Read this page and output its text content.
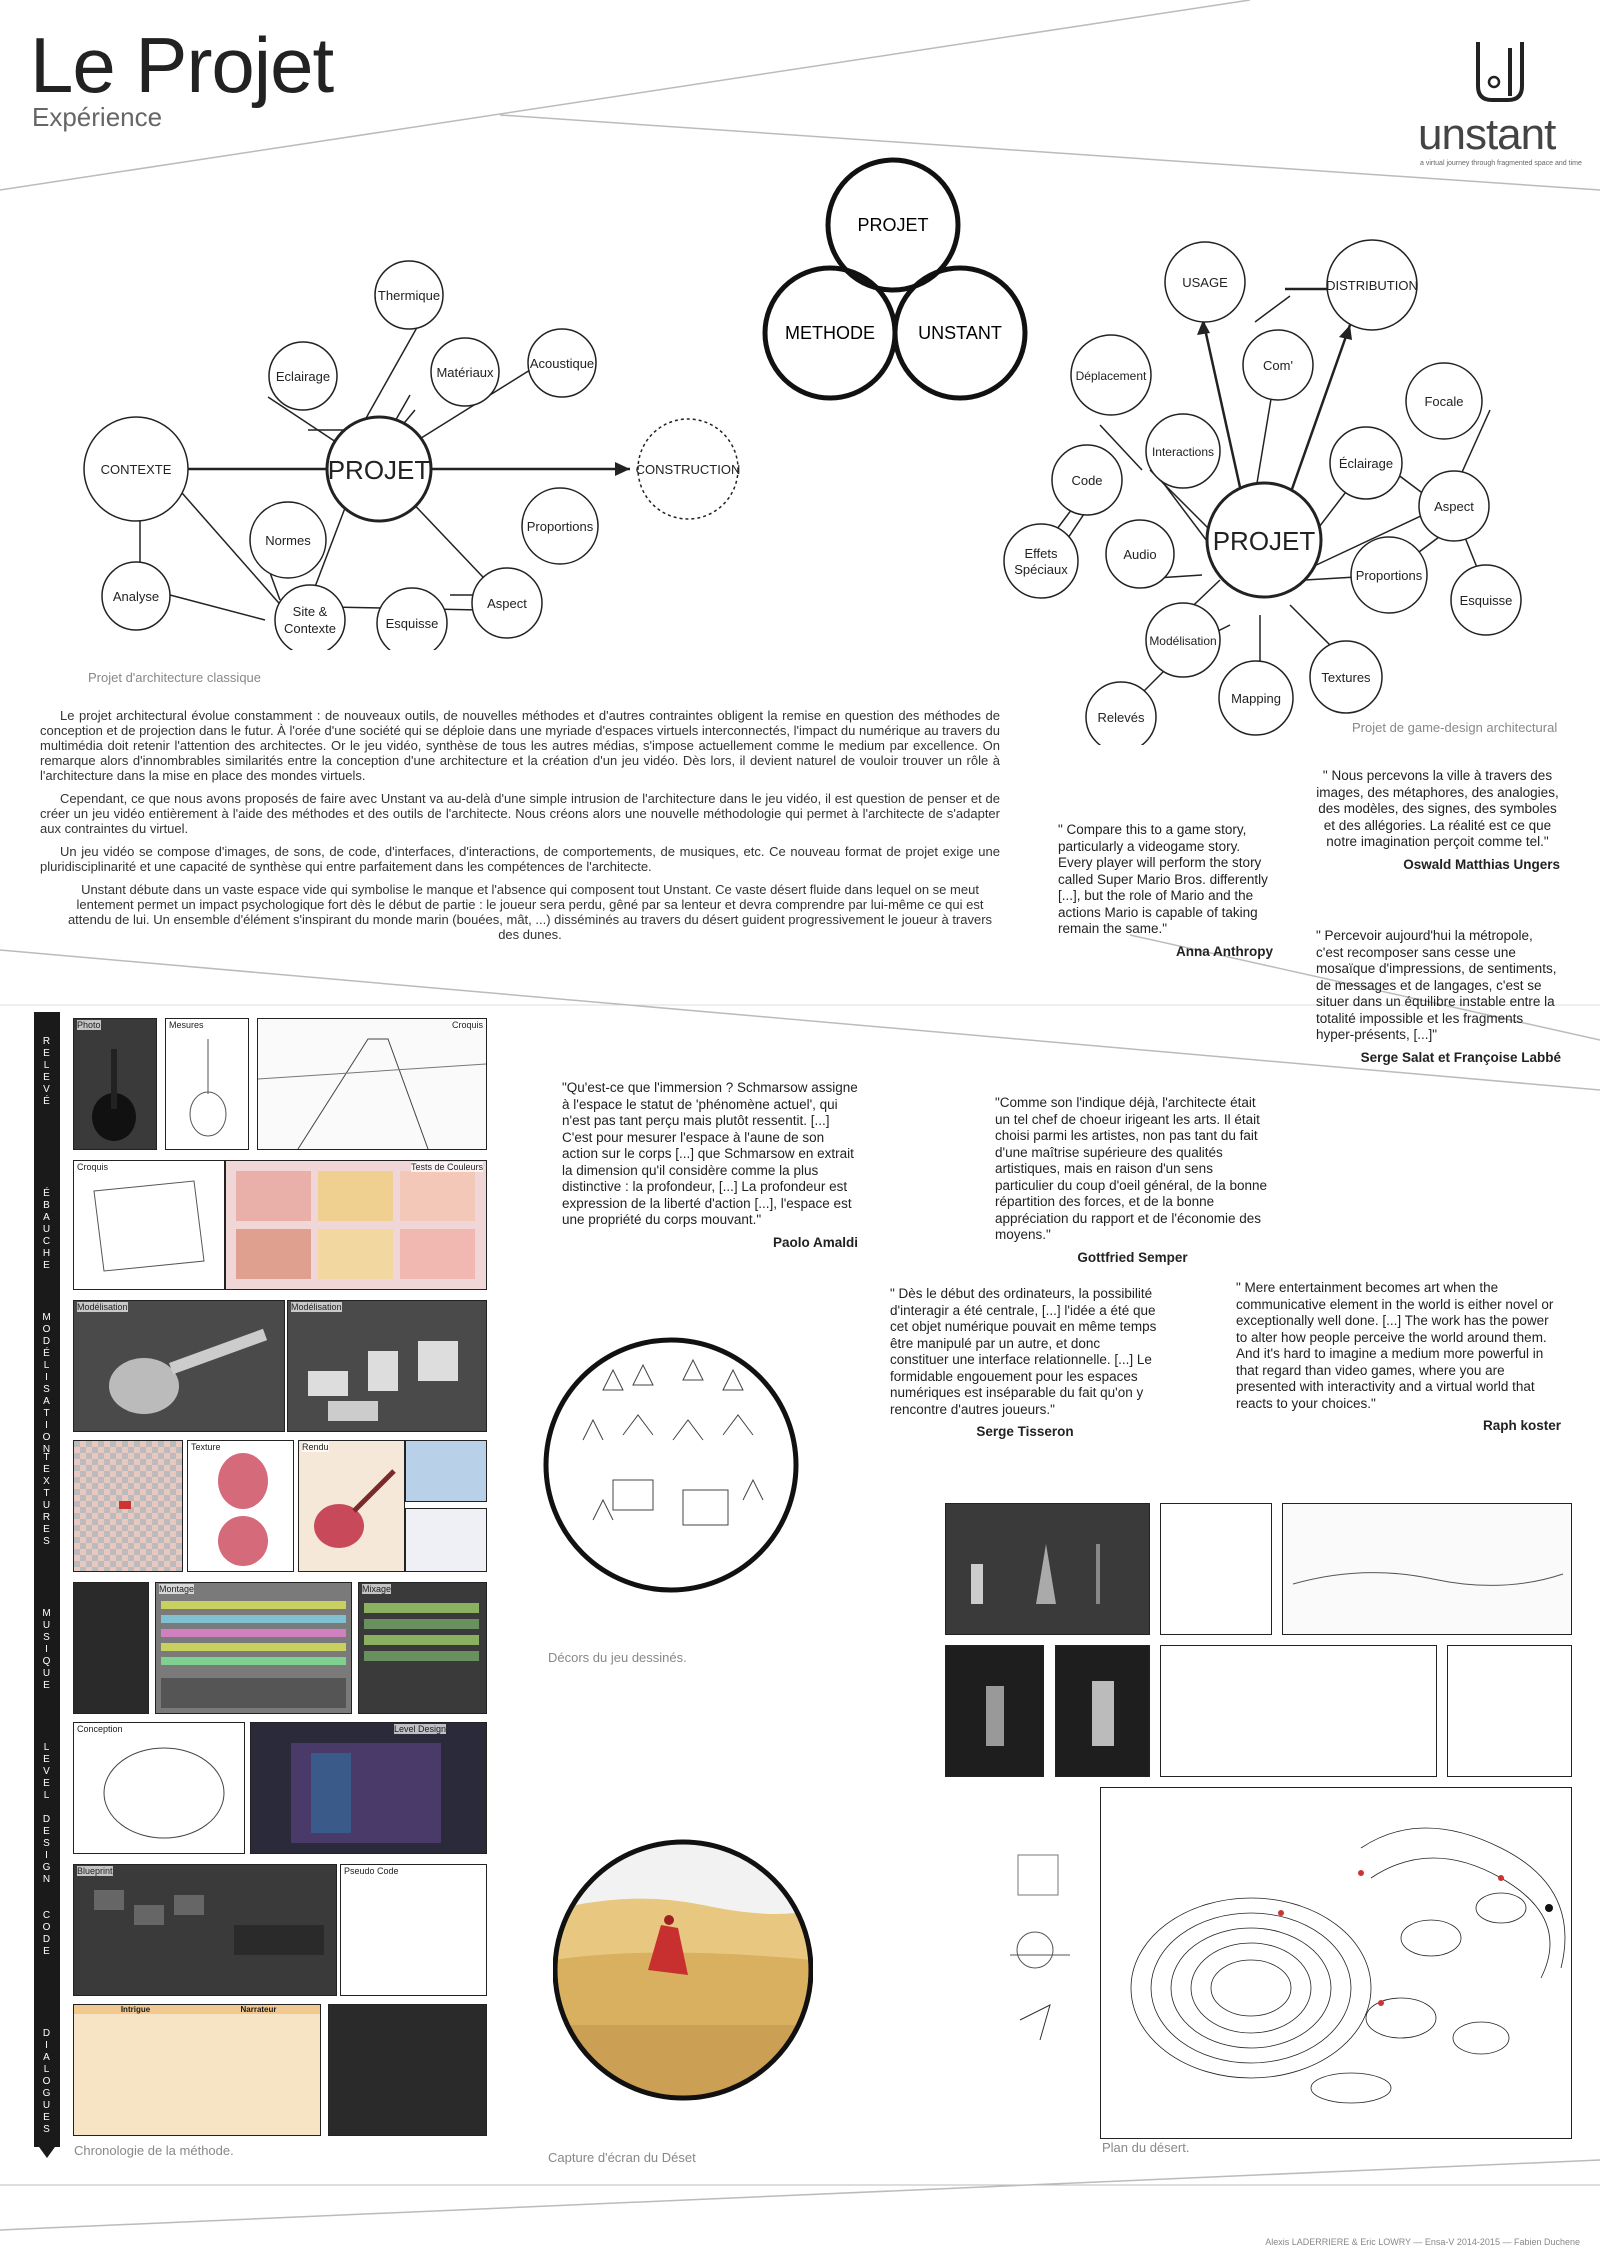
Le Projet
Expérience	unstant
a virtual journey through fragmented space and time
PROJET
METHODE UNSTANT
Thermique
Eclairage	Matériaux
Acoustique
CONTEXTE	PROJET	CONSTRUCTION
Normes
Proportions
Analyse
Site &
Contexte	Esquisse
Aspect
Projet d'architecture classique
USAGE	DISTRIBUTION
Com'
Déplacement
Focale
Éclairage
Interactions
Code
Aspect
Effets
Spéciaux
Audio PROJET
Proportions
Esquisse
Modélisation
Textures
Mapping
Relevés
Projet de game-design architectural

Le projet architectural évolue constamment : de nouveaux outils, de nouvelles méthodes et d'autres contraintes obligent la remise en question des méthodes de conception et de projection dans le futur. À l'orée d'une société qui se déploie dans une myriade d'espaces virtuels interconnectés, l'impact du numérique au travers du multimédia doit retenir l'attention des architectes. Or le jeu vidéo, synthèse de tous les autres médias, s'impose actuellement comme le medium par excellence. On remarque alors d'innombrables similarités entre la conception d'une architecture et la création d'un jeu vidéo. Dès lors, il devient naturel de vouloir trouver un rôle à l'architecture dans la mise en place des mondes virtuels.

Cependant, ce que nous avons proposés de faire avec Unstant va au-delà d'une simple intrusion de l'architecture dans le jeu vidéo, il est question de penser et de créer un jeu vidéo entièrement à l'aide des méthodes et des outils de l'architecte. Nous créons alors une nouvelle méthodologie qui permet à l'architecte de s'adapter aux contraintes du virtuel.

Un jeu vidéo se compose d'images, de sons, de code, d'interfaces, d'interactions, de comportements, de musiques, etc. Ce nouveau format de projet exige une pluridisciplinarité et une capacité de synthèse qui entre parfaitement dans les compétences de l'architecte.

Unstant débute dans un vaste espace vide qui symbolise le manque et l'absence qui composent tout Unstant. Ce vaste désert fluide dans lequel on se meut lentement permet un impact psychologique fort dès le début de partie : le joueur sera perdu, gêné par sa lenteur et devra comprendre par lui-même ce qui est attendu de lui. Un ensemble d'élément s'inspirant du monde marin (bouées, mât, ...) disséminés au travers du désert guident progressivement le joueur à travers des dunes.

" Nous percevons la ville à travers des images, des métaphores, des analogies, des modèles, des signes, des symboles et des allégories. La réalité est ce que notre imagination perçoit comme tel."
Oswald Matthias Ungers
" Compare this to a game story, particularly a videogame story. Every player will perform the story called Super Mario Bros. differently [...], but the role of Mario and the actions Mario is capable of taking remain the same."
Anna Anthropy
" Percevoir aujourd'hui la métropole, c'est recomposer sans cesse une mosaïque d'impressions, de sentiments, de messages et de langages, c'est se situer dans un équilibre instable entre la totalité impossible et les fragments hyper-présents, [...]"
Serge Salat et Françoise Labbé
"Qu'est-ce que l'immersion ? Schmarsow assigne à l'espace le statut de 'phénomène actuel', qui n'est pas tant perçu mais plutôt ressentit. [...] C'est pour mesurer l'espace à l'aune de son action sur le corps [...] que Schmarsow en extrait la dimension qu'il considère comme la plus distinctive : la profondeur, [...] La profondeur est expression de la liberté d'action [...], l'espace est une propriété du corps mouvant."
Paolo Amaldi
"Comme son l'indique déjà, l'architecte était un tel chef de choeur irigeant les arts. Il était choisi parmi les artistes, non pas tant du fait d'une maîtrise supérieure des qualités artistiques, mais en raison d'un sens particulier du coup d'oeil général, de la bonne répartition des forces, et de la bonne appréciation du rapport et de l'économie des moyens."
Gottfried Semper
" Dès le début des ordinateurs, la possibilité d'interagir a été centrale, [...] l'idée a été que cet objet numérique pouvait en même temps être manipulé par un autre, et donc constituer une interface relationnelle. [...] Le formidable engouement pour les espaces numériques est inséparable du fait qu'on y rencontre d'autres joueurs."
Serge Tisseron
" Mere entertainment becomes art when the communicative element in the world is either novel or exceptionally well done. [...] The work has the power to alter how people perceive the world around them. And it's hard to imagine a medium more powerful in that regard than video games, where you are presented with interactivity and a virtual world that reacts to your choices."
Raph koster
R
E
L
E
V
É
É
B
A
U
C
H
E
M
O
D
É
L
I
S
A
T
I
O
N
T
E
X
T
U
R
E
S
M
U
S
I
Q
U
E
L
E
V
E
L

D
E
S
I
G
N
C
O
D
E
D
I
A
L
O
G
U
E
S
Photo	Mesures	Croquis
Croquis	Tests de Couleurs
Modélisation	Modélisation
Texture	Rendu
Montage	Mixage
Conception	Level Design
Blueprint	Pseudo Code
Intrigue	Narrateur
Chronologie de la méthode.
Décors du jeu dessinés.
Capture d'écran du Déset
Plan du désert.
Alexis LADERRIERE & Eric LOWRY — Ensa-V 2014-2015 — Fabien Duchene
